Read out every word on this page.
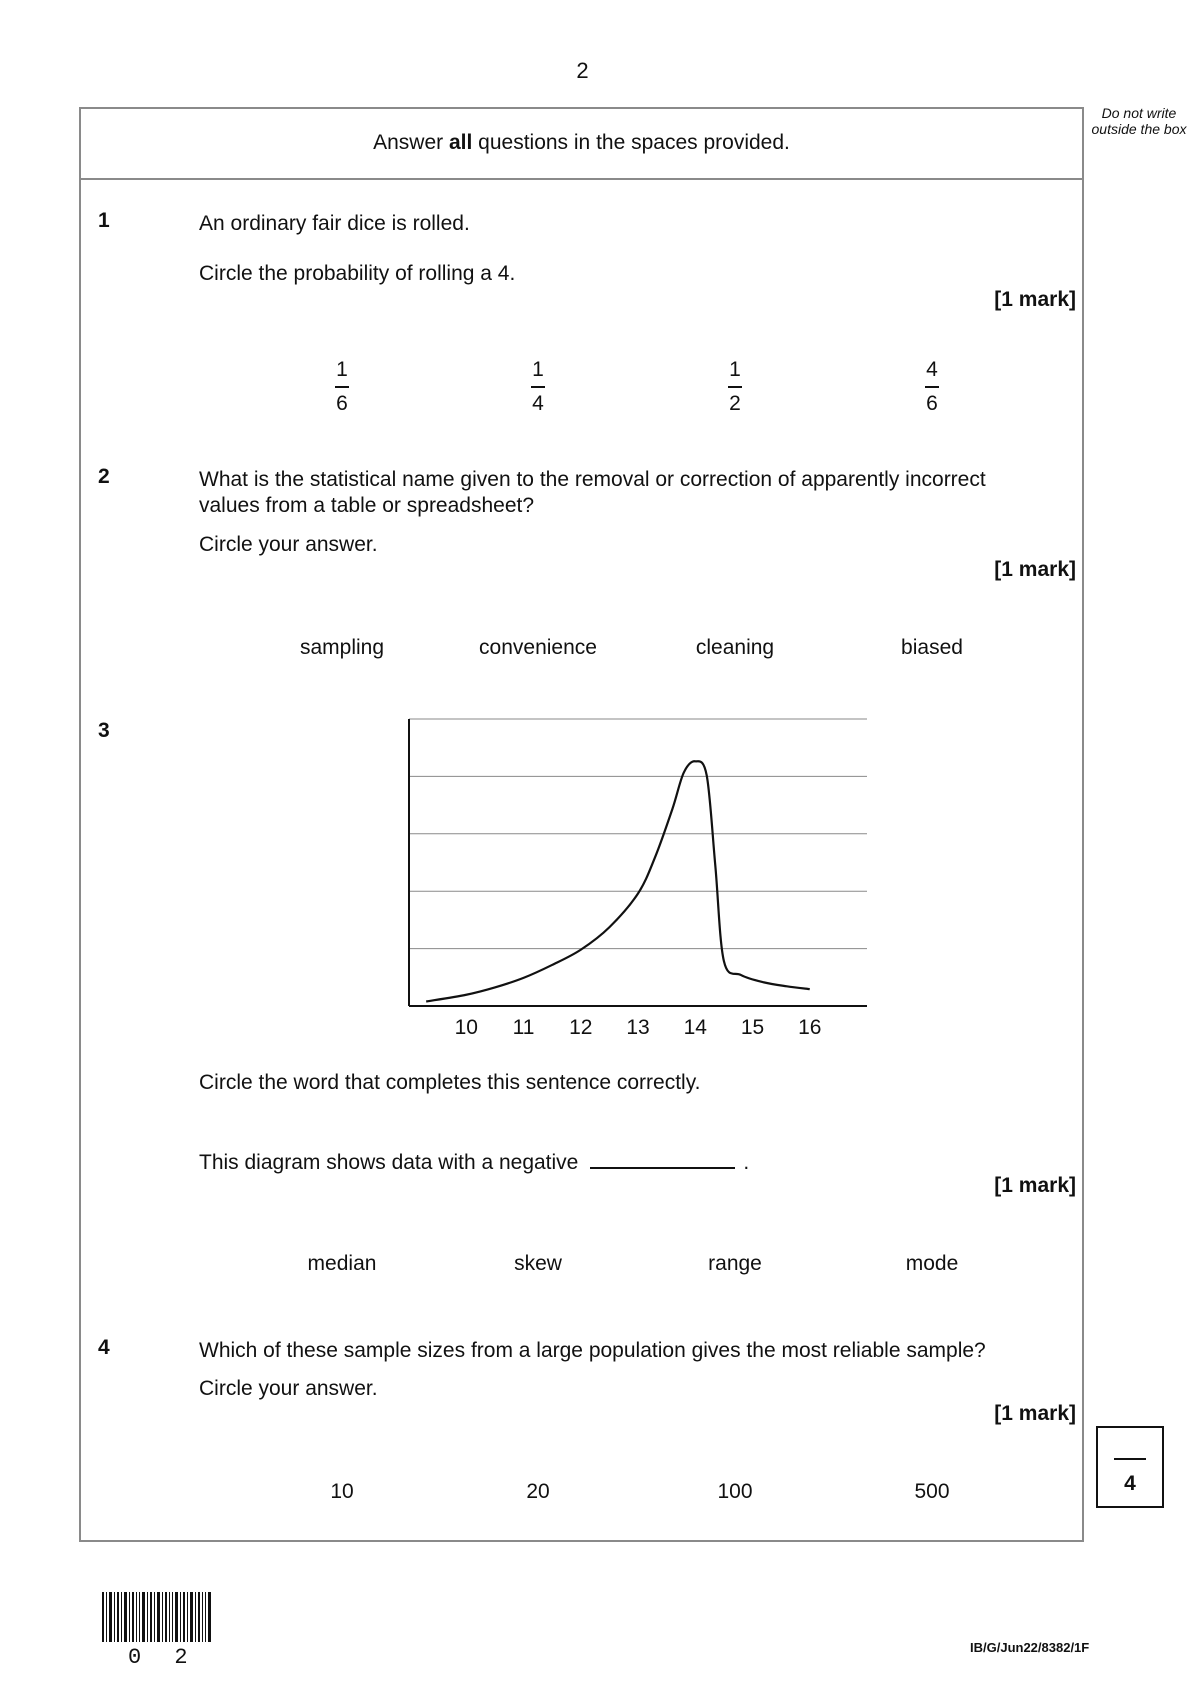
2
Do not write outside the box
Answer all questions in the spaces provided.
1	An ordinary fair dice is rolled.
Circle the probability of rolling a 4.
[1 mark]
1
6
1
4
1
2
4
6
2	What is the statistical name given to the removal or correction of apparently incorrect
values from a table or spreadsheet?
Circle your answer.
[1 mark]
sampling	convenience	cleaning	biased
3
10 11 12 13 14 15 16
Circle the word that completes this sentence correctly.
This diagram shows data with a negative	.
[1 mark]
median	skew	range	mode
4	Which of these sample sizes from a large population gives the most reliable sample?
Circle your answer.
[1 mark]
10	20	100	500	4
0 2	IB/G/Jun22/8382/1F
